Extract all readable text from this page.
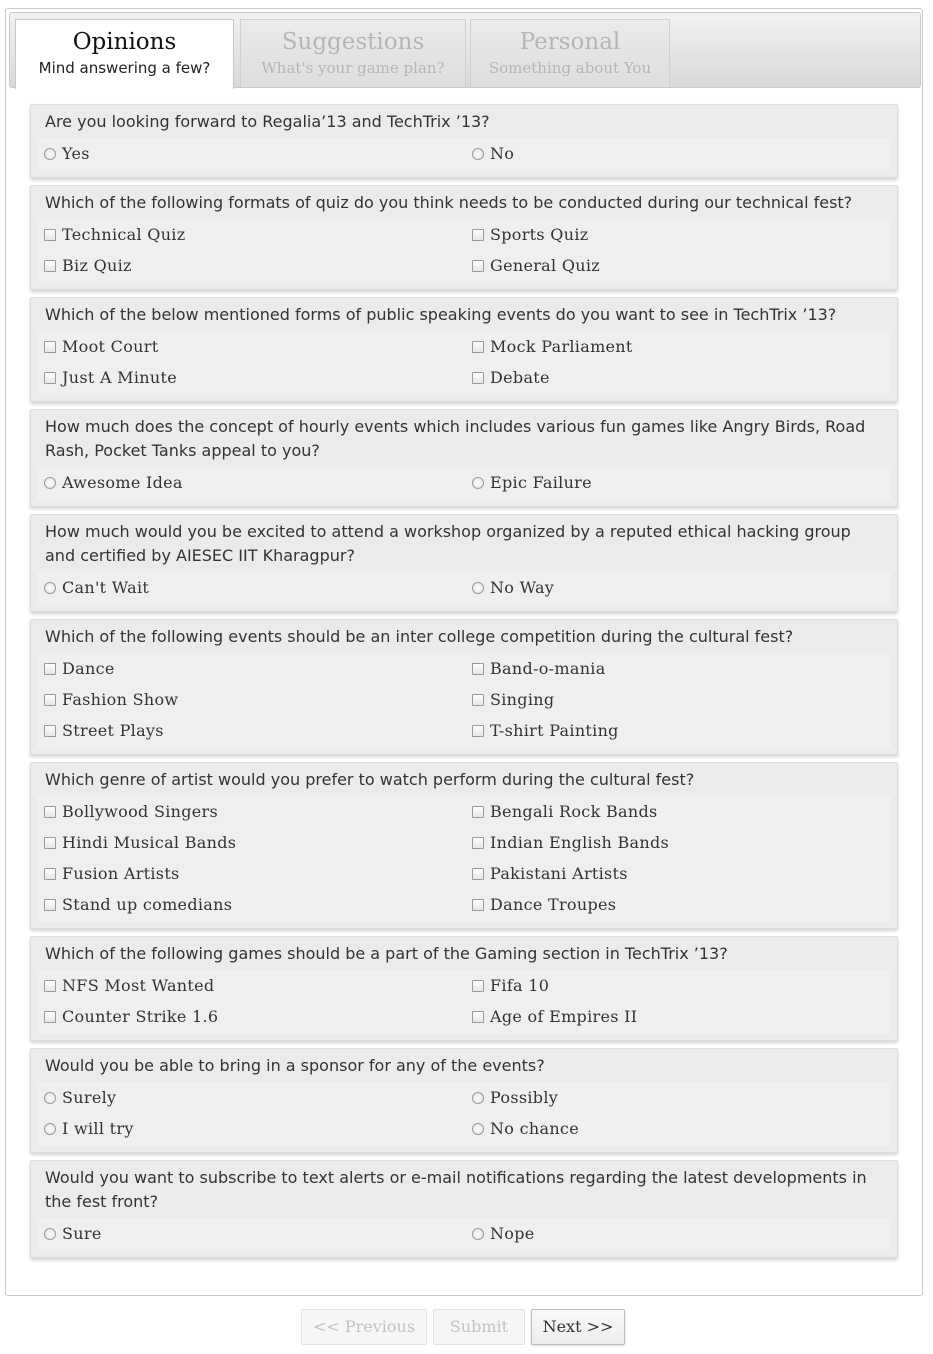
Opinions
Mind answering a few?
Suggestions
What's your game plan?
Personal
Something about You
Are you looking forward to Regalia’13 and TechTrix ’13?
Yes	No
Which of the following formats of quiz do you think needs to be conducted during our technical fest?
Technical Quiz	Sports Quiz
Biz Quiz	General Quiz
Which of the below mentioned forms of public speaking events do you want to see in TechTrix ’13?
Moot Court	Mock Parliament
Just A Minute	Debate
How much does the concept of hourly events which includes various fun games like Angry Birds, Road Rash, Pocket Tanks appeal to you?
Awesome Idea	Epic Failure
How much would you be excited to attend a workshop organized by a reputed ethical hacking group and certified by AIESEC IIT Kharagpur?
Can't Wait	No Way
Which of the following events should be an inter college competition during the cultural fest?
Dance	Band-o-mania
Fashion Show	Singing
Street Plays	T-shirt Painting
Which genre of artist would you prefer to watch perform during the cultural fest?
Bollywood Singers	Bengali Rock Bands
Hindi Musical Bands	Indian English Bands
Fusion Artists	Pakistani Artists
Stand up comedians	Dance Troupes
Which of the following games should be a part of the Gaming section in TechTrix ’13?
NFS Most Wanted	Fifa 10
Counter Strike 1.6	Age of Empires II
Would you be able to bring in a sponsor for any of the events?
Surely	Possibly
I will try	No chance
Would you want to subscribe to text alerts or e-mail notifications regarding the latest developments in the fest front?
Sure	Nope
<< Previous	Submit	Next >>
